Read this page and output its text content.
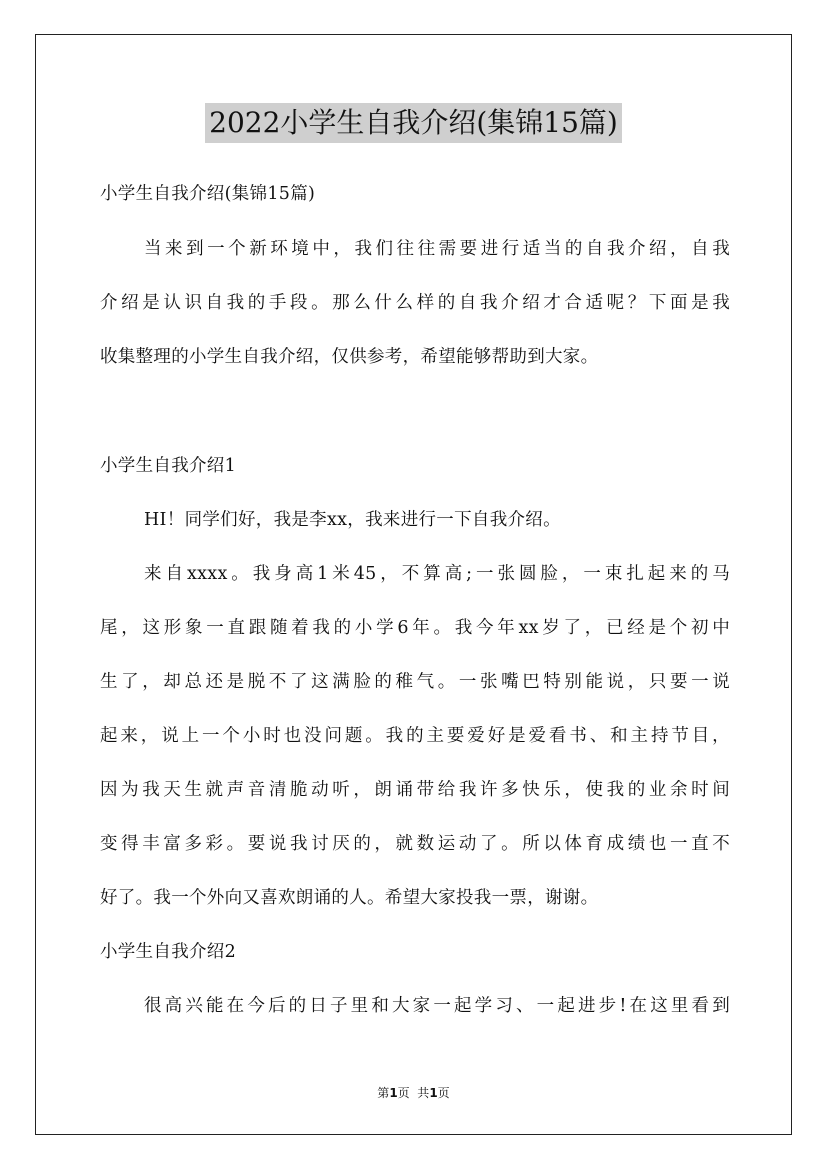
2022小学生自我介绍(集锦15篇)
小学生自我介绍(集锦15篇)
当来到一个新环境中，我们往往需要进行适当的自我介绍，自我
介绍是认识自我的手段。那么什么样的自我介绍才合适呢？下面是我
收集整理的小学生自我介绍，仅供参考，希望能够帮助到大家。
小学生自我介绍1
HI！同学们好，我是李xx，我来进行一下自我介绍。
来自xxxx。我身高1米45，不算高;一张圆脸，一束扎起来的马
尾，这形象一直跟随着我的小学6年。我今年xx岁了，已经是个初中
生了，却总还是脱不了这满脸的稚气。一张嘴巴特别能说，只要一说
起来，说上一个小时也没问题。我的主要爱好是爱看书、和主持节目，
因为我天生就声音清脆动听，朗诵带给我许多快乐，使我的业余时间
变得丰富多彩。要说我讨厌的，就数运动了。所以体育成绩也一直不
好了。我一个外向又喜欢朗诵的人。希望大家投我一票，谢谢。
小学生自我介绍2
很高兴能在今后的日子里和大家一起学习、一起进步!在这里看到
第1页  共1页
